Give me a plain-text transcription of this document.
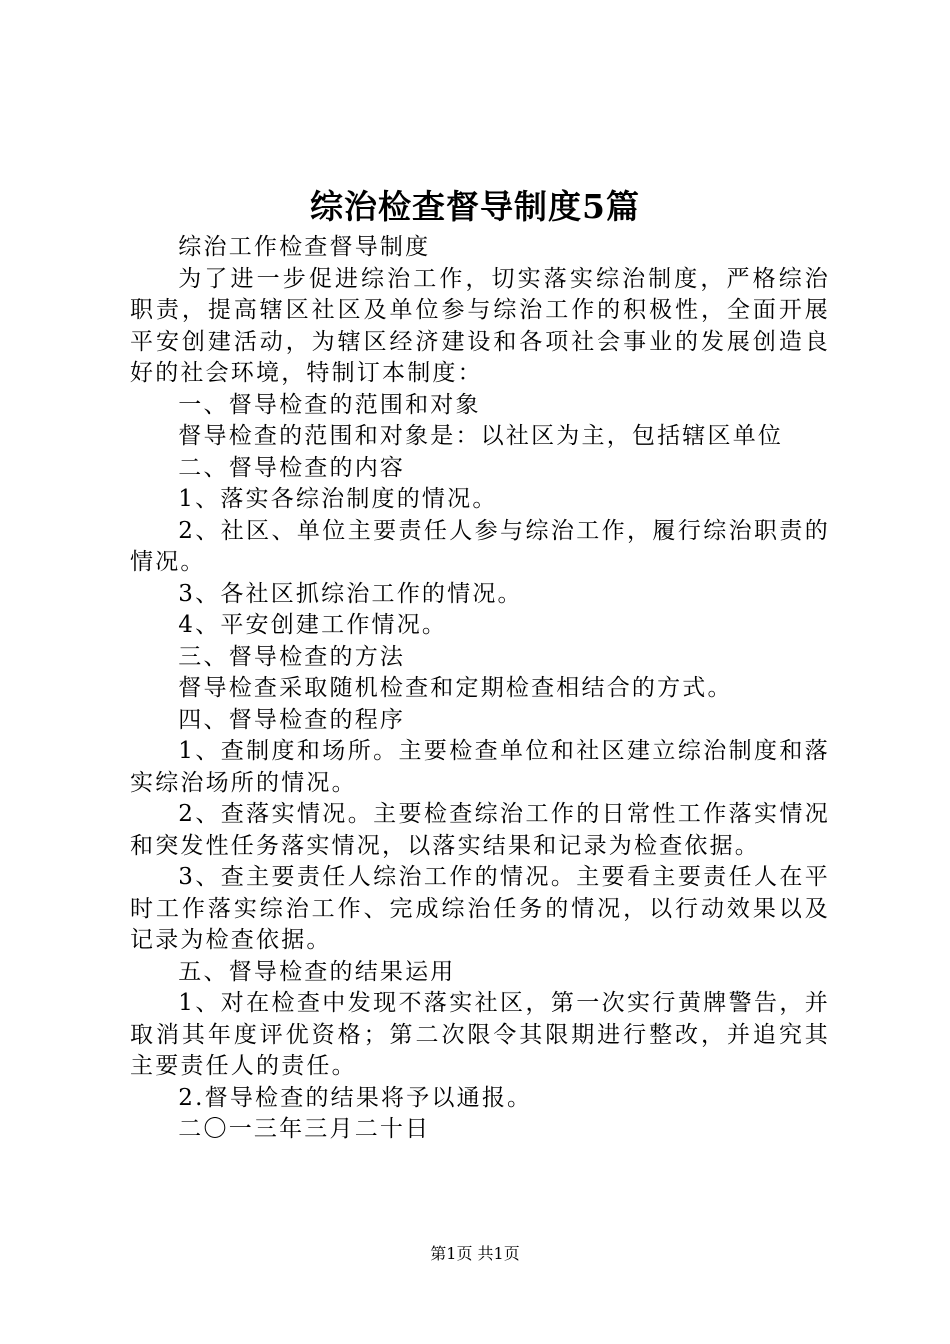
综治检查督导制度5篇

综治工作检查督导制度

为了进一步促进综治工作，切实落实综治制度，严格综治职责，提高辖区社区及单位参与综治工作的积极性，全面开展平安创建活动，为辖区经济建设和各项社会事业的发展创造良好的社会环境，特制订本制度：

一、督导检查的范围和对象

督导检查的范围和对象是：以社区为主，包括辖区单位

二、督导检查的内容

1、落实各综治制度的情况。

2、社区、单位主要责任人参与综治工作，履行综治职责的情况。

3、各社区抓综治工作的情况。

4、平安创建工作情况。

三、督导检查的方法

督导检查采取随机检查和定期检查相结合的方式。

四、督导检查的程序

1、查制度和场所。主要检查单位和社区建立综治制度和落实综治场所的情况。

2、查落实情况。主要检查综治工作的日常性工作落实情况和突发性任务落实情况，以落实结果和记录为检查依据。

3、查主要责任人综治工作的情况。主要看主要责任人在平时工作落实综治工作、完成综治任务的情况，以行动效果以及记录为检查依据。

五、督导检查的结果运用

1、对在检查中发现不落实社区，第一次实行黄牌警告，并取消其年度评优资格；第二次限令其限期进行整改，并追究其主要责任人的责任。

2.督导检查的结果将予以通报。

二〇一三年三月二十日

第1页 共1页
